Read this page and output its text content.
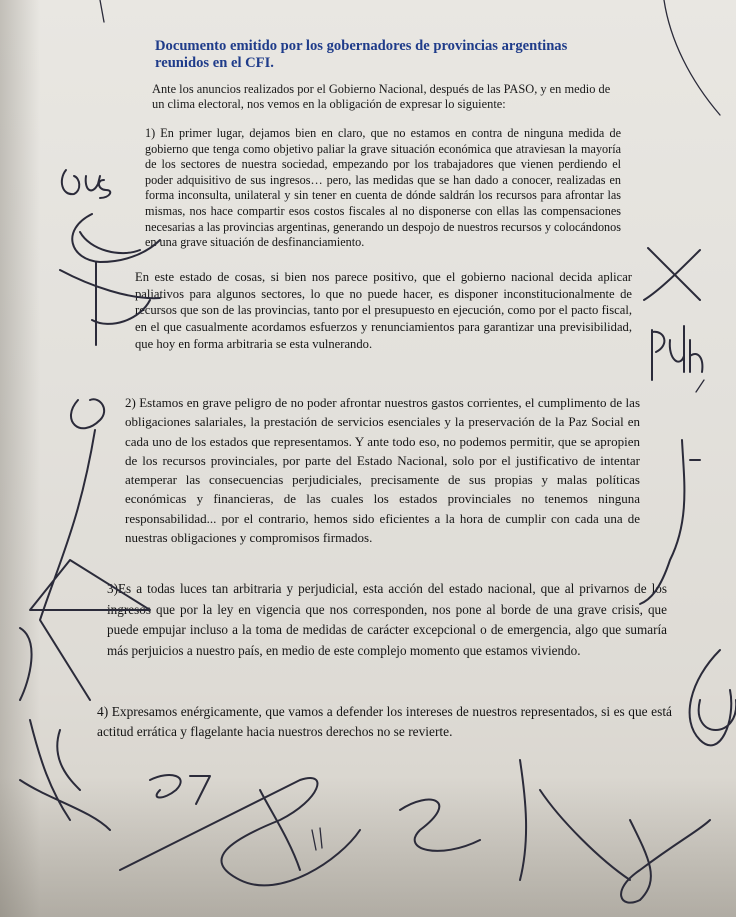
Documento emitido por los gobernadores de provincias argentinas reunidos en el CFI.
Ante los anuncios realizados por el Gobierno Nacional, después de las PASO, y en medio de un clima electoral, nos vemos en la obligación de expresar lo siguiente:
1) En primer lugar, dejamos bien en claro, que no estamos en contra de ninguna medida de gobierno que tenga como objetivo paliar la grave situación económica que atraviesan la mayoría de los sectores de nuestra sociedad, empezando por los trabajadores que vienen perdiendo el poder adquisitivo de sus ingresos… pero, las medidas que se han dado a conocer, realizadas en forma inconsulta, unilateral y sin tener en cuenta de dónde saldrán los recursos para afrontar las mismas, nos hace compartir esos costos fiscales al no disponerse con ellas las compensaciones necesarias a las provincias argentinas, generando un despojo de nuestros recursos y colocándonos en una grave situación de desfinanciamiento.
En este estado de cosas, si bien nos parece positivo, que el gobierno nacional decida aplicar paliativos para algunos sectores, lo que no puede hacer, es disponer inconstitucionalmente de recursos que son de las provincias, tanto por el presupuesto en ejecución, como por el pacto fiscal, en el que casualmente acordamos esfuerzos y renunciamientos para garantizar una previsibilidad, que hoy en forma arbitraria se esta vulnerando.
2) Estamos en grave peligro de no poder afrontar nuestros gastos corrientes, el cumplimento de las obligaciones salariales, la prestación de servicios esenciales y la preservación de la Paz Social en cada uno de los estados que representamos. Y ante todo eso, no podemos permitir, que se apropien de los recursos provinciales, por parte del Estado Nacional, solo por el justificativo de intentar atemperar las consecuencias perjudiciales, precisamente de sus propias y malas políticas económicas y financieras, de las cuales los estados provinciales no tenemos ninguna responsabilidad... por el contrario, hemos sido eficientes a la hora de cumplir con cada una de nuestras obligaciones y compromisos firmados.
3)Es a todas luces tan arbitraria y perjudicial, esta acción del estado nacional, que al privarnos de los ingresos que por la ley en vigencia que nos corresponden, nos pone al borde de una grave crisis, que puede empujar incluso a la toma de medidas de carácter excepcional o de emergencia, algo que sumaría más perjuicios a nuestro país, en medio de este complejo momento que estamos viviendo.
4) Expresamos enérgicamente, que vamos a defender los intereses de nuestros representados, si es que está actitud errática y flagelante hacia nuestros derechos no se revierte.
